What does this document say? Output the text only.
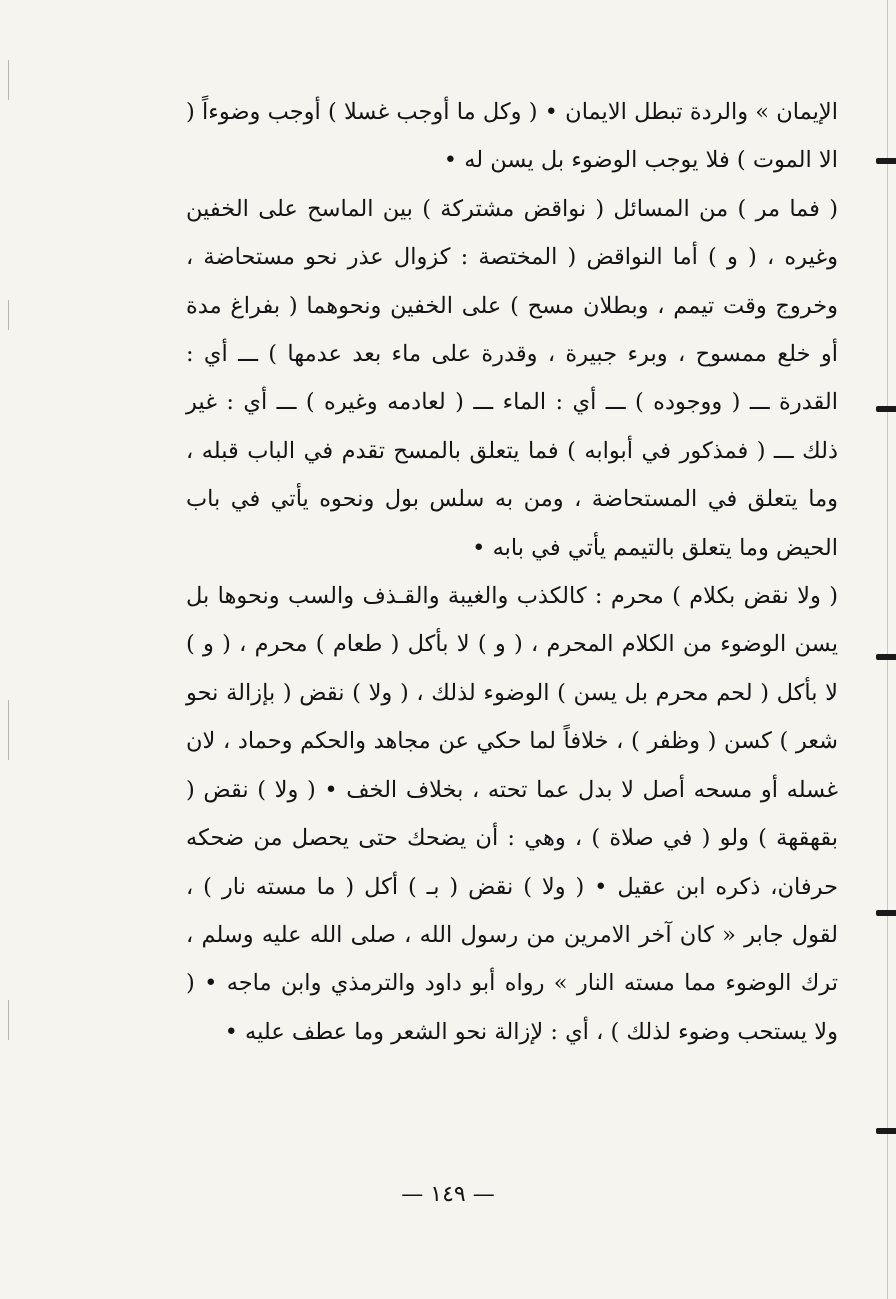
الإيمان » والردة تبطل الايمان • ( وكل ما أوجب غسلا ) أوجب وضوءاً ( الا الموت ) فلا يوجب الوضوء بل يسن له •

( فما مر ) من المسائل ( نواقض مشتركة ) بين الماسح على الخفين وغيره ، ( و ) أما النواقض ( المختصة : كزوال عذر نحو مستحاضة ، وخروج وقت تيمم ، وبطلان مسح ) على الخفين ونحوهما ( بفراغ مدة أو خلع ممسوح ، وبرء جبيرة ، وقدرة على ماء بعد عدمها ) ـــ أي : القدرة ـــ ( ووجوده ) ـــ أي : الماء ـــ ( لعادمه وغيره ) ـــ أي : غير ذلك ـــ ( فمذكور في أبوابه ) فما يتعلق بالمسح تقدم في الباب قبله ، وما يتعلق في المستحاضة ، ومن به سلس بول ونحوه يأتي في باب الحيض وما يتعلق بالتيمم يأتي في بابه •

( ولا نقض بكلام ) محرم : كالكذب والغيبة والقـذف والسب ونحوها بل يسن الوضوء من الكلام المحرم ، ( و ) لا بأكل ( طعام ) محرم ، ( و ) لا بأكل ( لحم محرم بل يسن ) الوضوء لذلك ، ( ولا ) نقض ( بإزالة نحو شعر ) كسن ( وظفر ) ، خلافاً لما حكي عن مجاهد والحكم وحماد ، لان غسله أو مسحه أصل لا بدل عما تحته ، بخلاف الخف • ( ولا ) نقض ( بقهقهة ) ولو ( في صلاة ) ، وهي : أن يضحك حتى يحصل من ضحكه حرفان، ذكره ابن عقيل • ( ولا ) نقض ( بـ ) أكل ( ما مسته نار ) ، لقول جابر « كان آخر الامرين من رسول الله ، صلى الله عليه وسلم ، ترك الوضوء مما مسته النار » رواه أبو داود والترمذي وابن ماجه • ( ولا يستحب وضوء لذلك ) ، أي : لإزالة نحو الشعر وما عطف عليه •

— ١٤٩ —
